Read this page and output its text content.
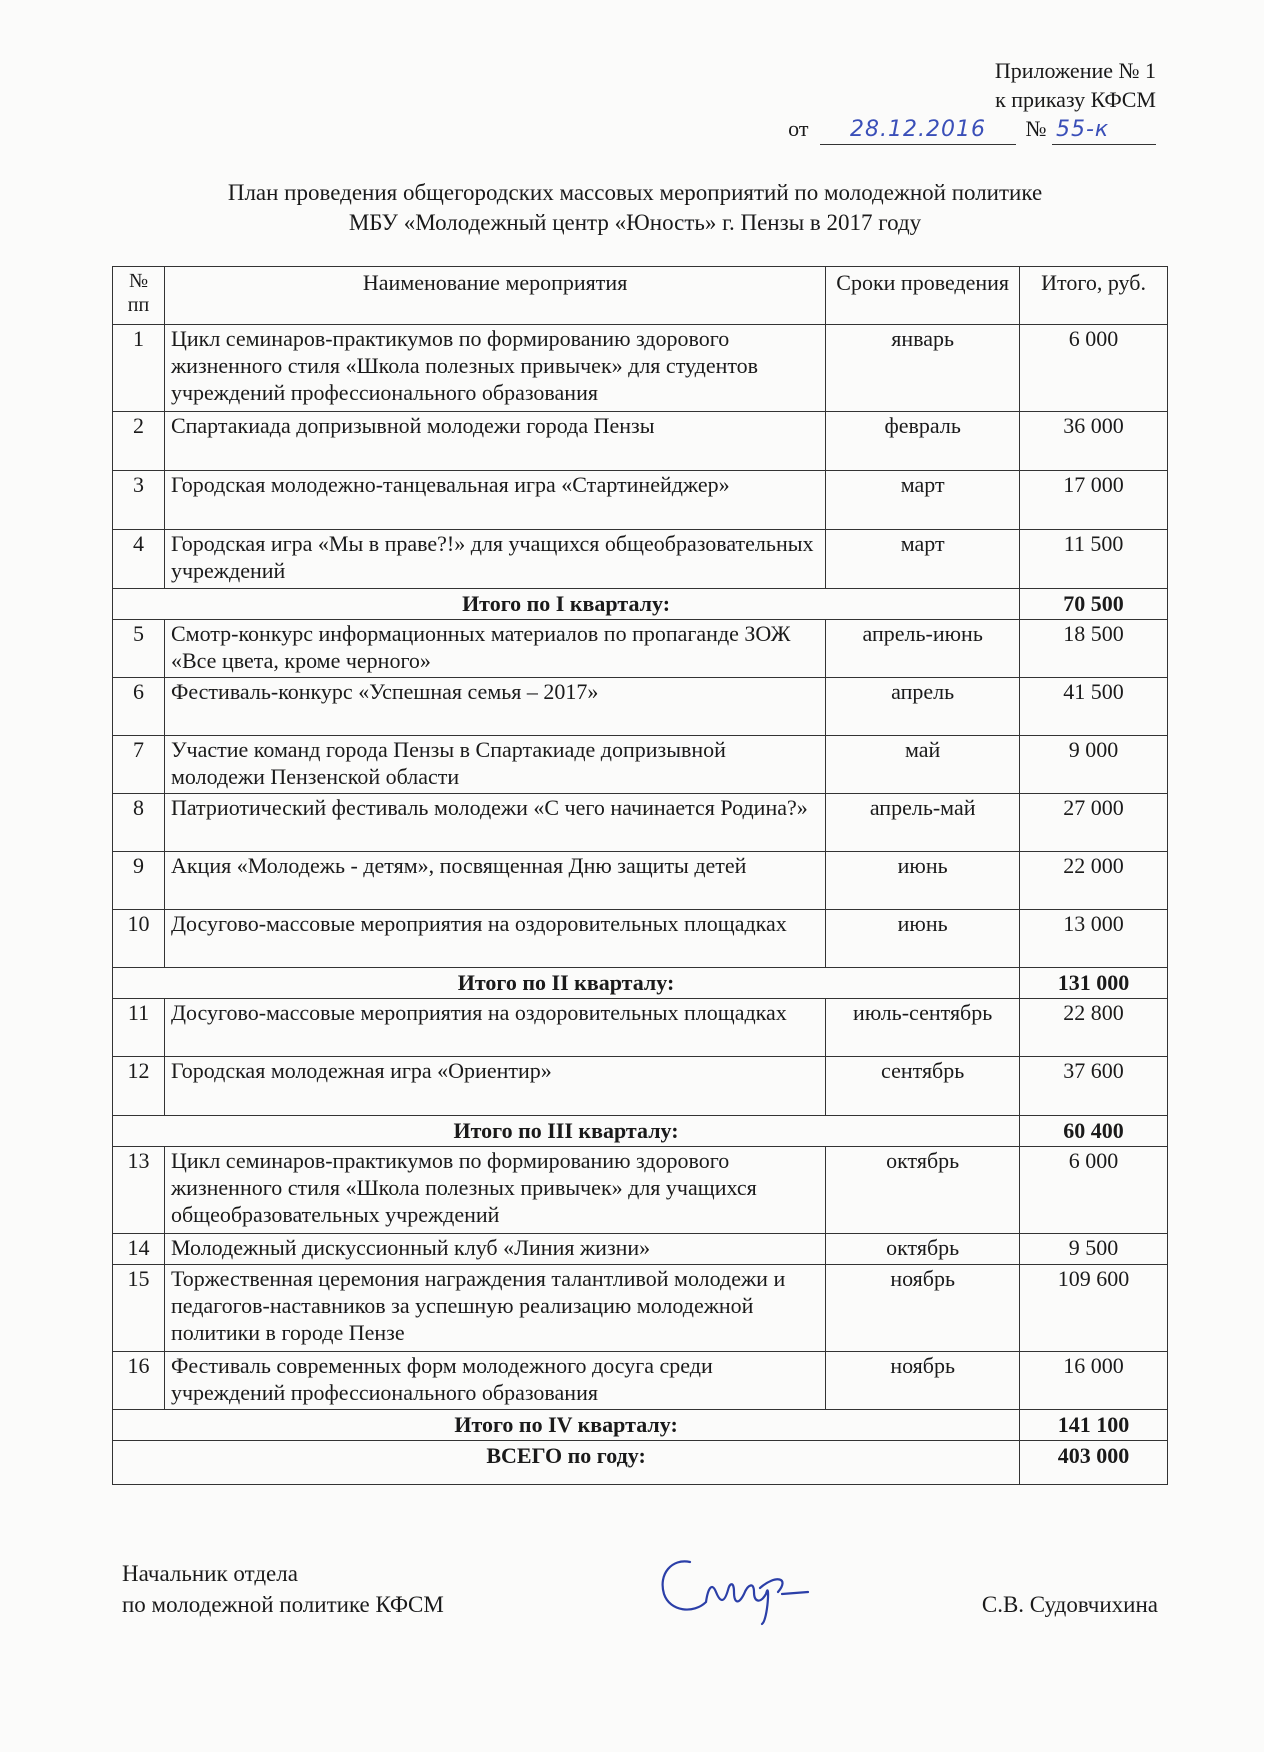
Приложение № 1
к приказу КФСМ
от 28.12.2016 № 55-к
План проведения общегородских массовых мероприятий по молодежной политике
МБУ «Молодежный центр «Юность» г. Пензы в 2017 году
№ пп	Наименование мероприятия	Сроки проведения	Итого, руб.
1	Цикл семинаров-практикумов по формированию здорового жизненного стиля «Школа полезных привычек» для студентов учреждений профессионального образования	январь	6 000
2	Спартакиада допризывной молодежи города Пензы	февраль	36 000
3	Городская молодежно-танцевальная игра «Стартинейджер»	март	17 000
4	Городская игра «Мы в праве?!» для учащихся общеобразовательных учреждений	март	11 500
Итого по I кварталу:			70 500
5	Смотр-конкурс информационных материалов по пропаганде ЗОЖ «Все цвета, кроме черного»	апрель-июнь	18 500
6	Фестиваль-конкурс «Успешная семья – 2017»	апрель	41 500
7	Участие команд города Пензы в Спартакиаде допризывной молодежи Пензенской области	май	9 000
8	Патриотический фестиваль молодежи «С чего начинается Родина?»	апрель-май	27 000
9	Акция «Молодежь - детям», посвященная Дню защиты детей	июнь	22 000
10	Досугово-массовые мероприятия на оздоровительных площадках	июнь	13 000
Итого по II кварталу:			131 000
11	Досугово-массовые мероприятия на оздоровительных площадках	июль-сентябрь	22 800
12	Городская молодежная игра «Ориентир»	сентябрь	37 600
Итого по III кварталу:			60 400
13	Цикл семинаров-практикумов по формированию здорового жизненного стиля «Школа полезных привычек» для учащихся общеобразовательных учреждений	октябрь	6 000
14	Молодежный дискуссионный клуб «Линия жизни»	октябрь	9 500
15	Торжественная церемония награждения талантливой молодежи и педагогов-наставников за успешную реализацию молодежной политики в городе Пензе	ноябрь	109 600
16	Фестиваль современных форм молодежного досуга среди учреждений профессионального образования	ноябрь	16 000
Итого по IV кварталу:			141 100
ВСЕГО по году:			403 000
Начальник отдела
по молодежной политике КФСМ	С.В. Судовчихина
